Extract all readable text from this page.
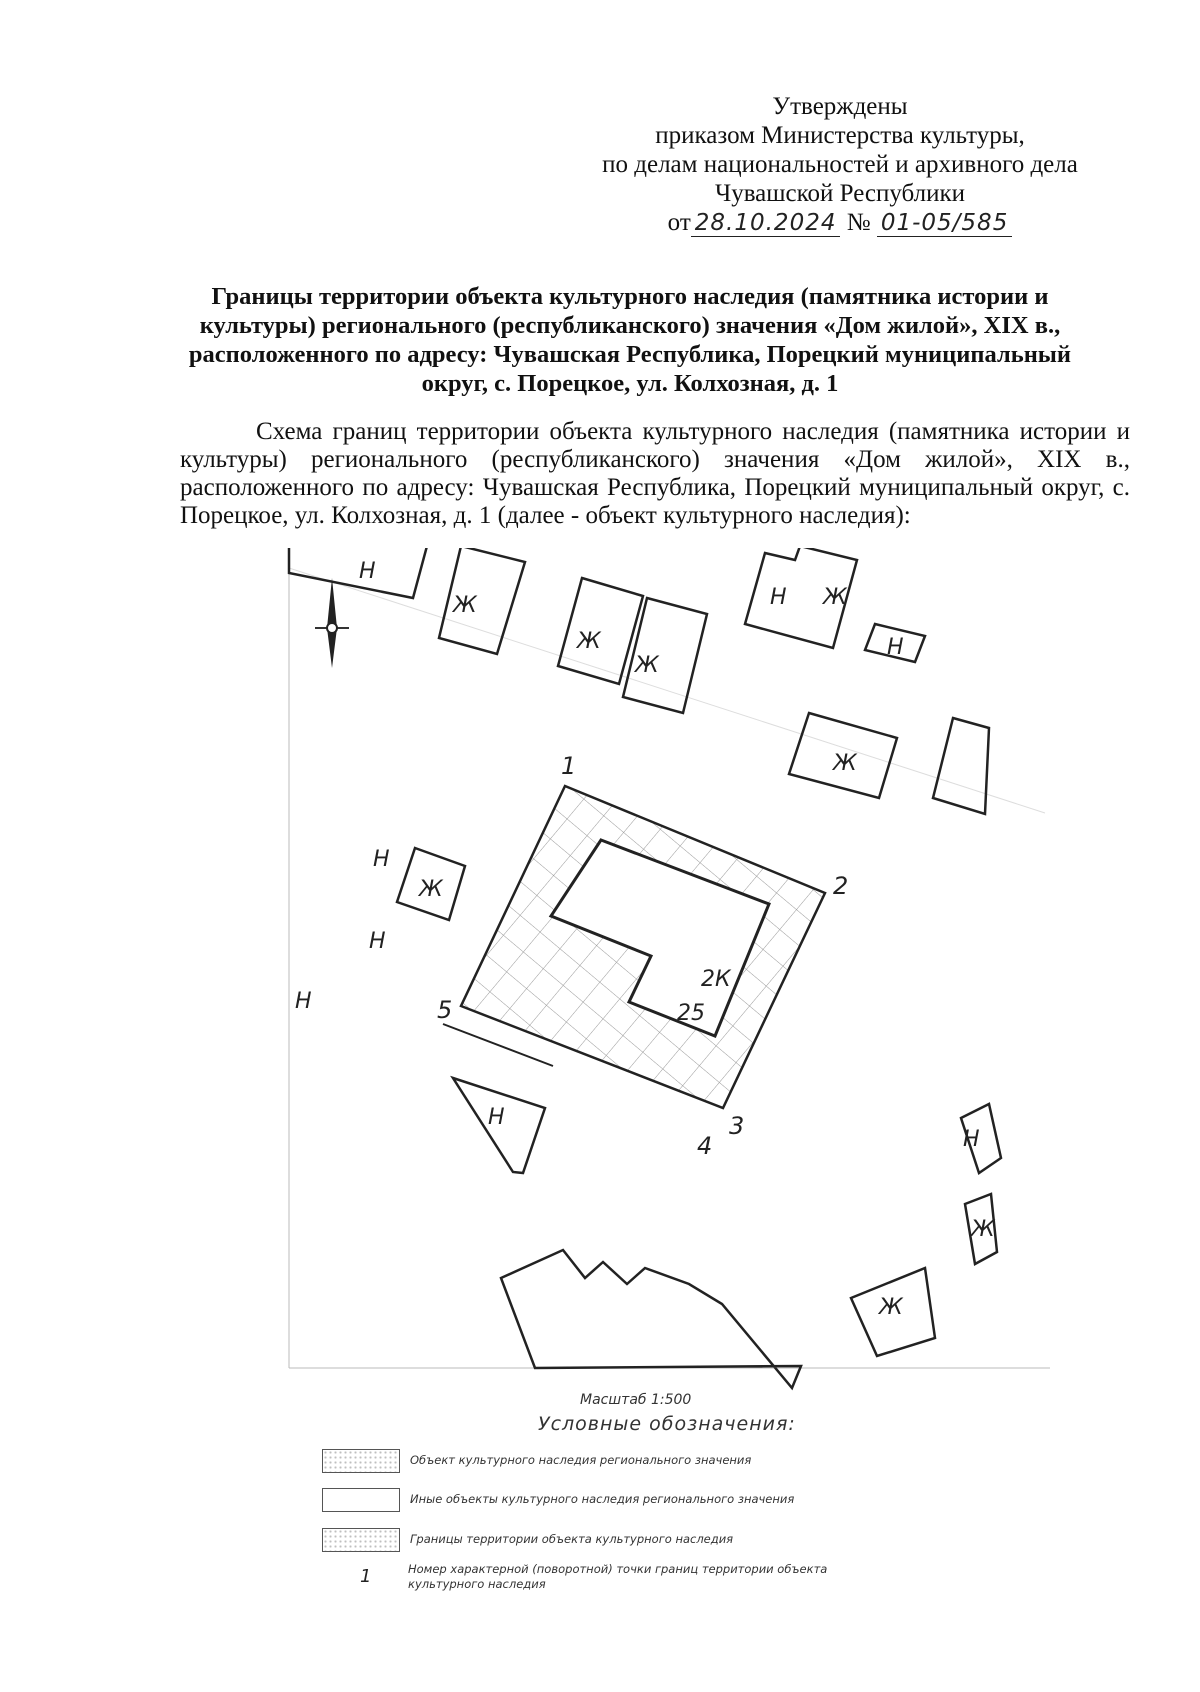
Утверждены
приказом Министерства культуры,
по делам национальностей и архивного дела
Чувашской Республики
от 28.10.2024 № 01-05/585
Границы территории объекта культурного наследия (памятника истории и культуры) регионального (республиканского) значения «Дом жилой», XIX в., расположенного по адресу: Чувашская Республика, Порецкий муниципальный округ, с. Порецкое, ул. Колхозная, д. 1
Схема границ территории объекта культурного наследия (памятника истории и культуры) регионального (республиканского) значения «Дом жилой», XIX в., расположенного по адресу: Чувашская Республика, Порецкий муниципальный округ, с. Порецкое, ул. Колхозная, д. 1 (далее - объект культурного наследия):
Н
Ж
Ж
Ж
Н Ж
Н
Ж
Ж
Н
Н
Н
Н
Н
Ж
Ж
2К
25
1
2
3
4
5
Масштаб 1:500
Условные обозначения:
Объект культурного наследия регионального значения
Иные объекты культурного наследия регионального значения
Границы территории объекта культурного наследия
1	Номер характерной (поворотной) точки границ территории объекта культурного наследия
